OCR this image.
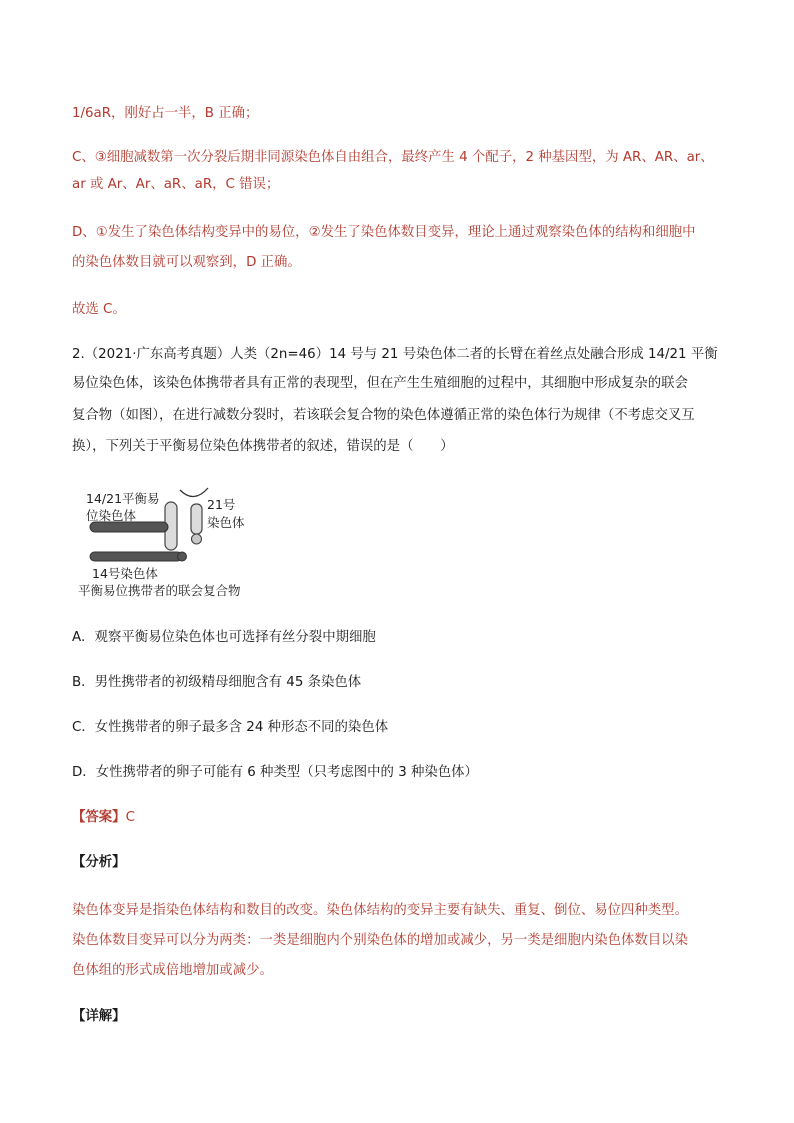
1/6aR，刚好占一半，B 正确；
C、③细胞减数第一次分裂后期非同源染色体自由组合，最终产生 4 个配子，2 种基因型，为 AR、AR、ar、
ar 或 Ar、Ar、aR、aR，C 错误；
D、①发生了染色体结构变异中的易位，②发生了染色体数目变异，理论上通过观察染色体的结构和细胞中
的染色体数目就可以观察到，D 正确。
故选 C。
2.（2021·广东高考真题）人类（2n=46）14 号与 21 号染色体二者的长臂在着丝点处融合形成 14/21 平衡
易位染色体，该染色体携带者具有正常的表现型，但在产生生殖细胞的过程中，其细胞中形成复杂的联会
复合物（如图），在进行减数分裂时，若该联会复合物的染色体遵循正常的染色体行为规律（不考虑交叉互
换），下列关于平衡易位染色体携带者的叙述，错误的是（　　）
14/21平衡易
位染色体
21号
染色体
14号染色体
平衡易位携带者的联会复合物
A．观察平衡易位染色体也可选择有丝分裂中期细胞
B．男性携带者的初级精母细胞含有 45 条染色体
C．女性携带者的卵子最多含 24 种形态不同的染色体
D．女性携带者的卵子可能有 6 种类型（只考虑图中的 3 种染色体）
【答案】C
【分析】
染色体变异是指染色体结构和数目的改变。染色体结构的变异主要有缺失、重复、倒位、易位四种类型。
染色体数目变异可以分为两类：一类是细胞内个别染色体的增加或减少，另一类是细胞内染色体数目以染
色体组的形式成倍地增加或减少。
【详解】
